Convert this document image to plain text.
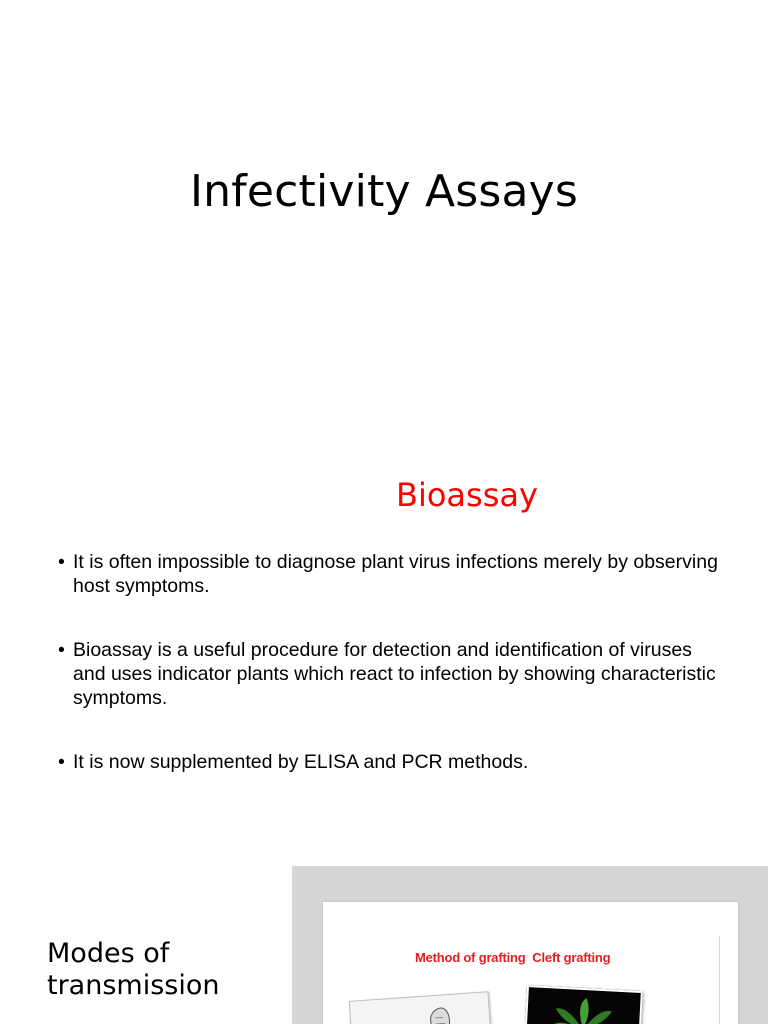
Infectivity Assays
Bioassay
• It is often impossible to diagnose plant virus infections merely by observing host symptoms.
• Bioassay is a useful procedure for detection and identification of viruses and uses indicator plants which react to infection by showing characteristic symptoms.
• It is now supplemented by ELISA and PCR methods.
Modes of
transmission
Method of grafting  Cleft grafting
